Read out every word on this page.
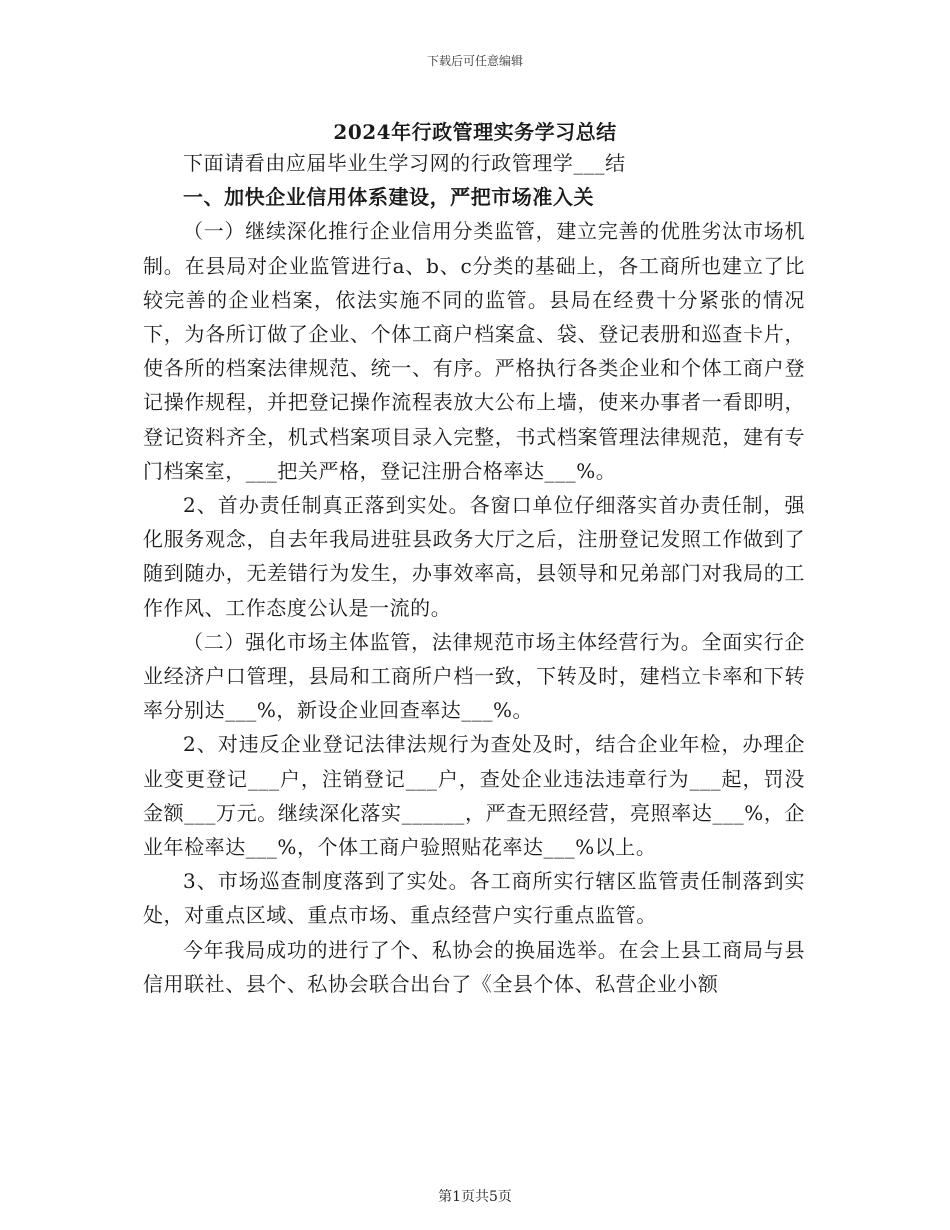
下载后可任意编辑
2024年行政管理实务学习总结

下面请看由应届毕业生学习网的行政管理学___结

一、加快企业信用体系建设，严把市场准入关

（一）继续深化推行企业信用分类监管，建立完善的优胜劣汰市场机制。在县局对企业监管进行a、b、c分类的基础上，各工商所也建立了比较完善的企业档案，依法实施不同的监管。县局在经费十分紧张的情况下，为各所订做了企业、个体工商户档案盒、袋、登记表册和巡查卡片，使各所的档案法律规范、统一、有序。严格执行各类企业和个体工商户登记操作规程，并把登记操作流程表放大公布上墙，使来办事者一看即明，登记资料齐全，机式档案项目录入完整，书式档案管理法律规范，建有专门档案室，___把关严格，登记注册合格率达___%。

2、首办责任制真正落到实处。各窗口单位仔细落实首办责任制，强化服务观念，自去年我局进驻县政务大厅之后，注册登记发照工作做到了随到随办，无差错行为发生，办事效率高，县领导和兄弟部门对我局的工作作风、工作态度公认是一流的。

（二）强化市场主体监管，法律规范市场主体经营行为。全面实行企业经济户口管理，县局和工商所户档一致，下转及时，建档立卡率和下转率分别达___%，新设企业回查率达___%。

2、对违反企业登记法律法规行为查处及时，结合企业年检，办理企业变更登记___户，注销登记___户，查处企业违法违章行为___起，罚没金额___万元。继续深化落实______，严查无照经营，亮照率达___%，企业年检率达___%，个体工商户验照贴花率达___%以上。

3、市场巡查制度落到了实处。各工商所实行辖区监管责任制落到实处，对重点区域、重点市场、重点经营户实行重点监管。

今年我局成功的进行了个、私协会的换届选举。在会上县工商局与县信用联社、县个、私协会联合出台了《全县个体、私营企业小额

第1页共5页
